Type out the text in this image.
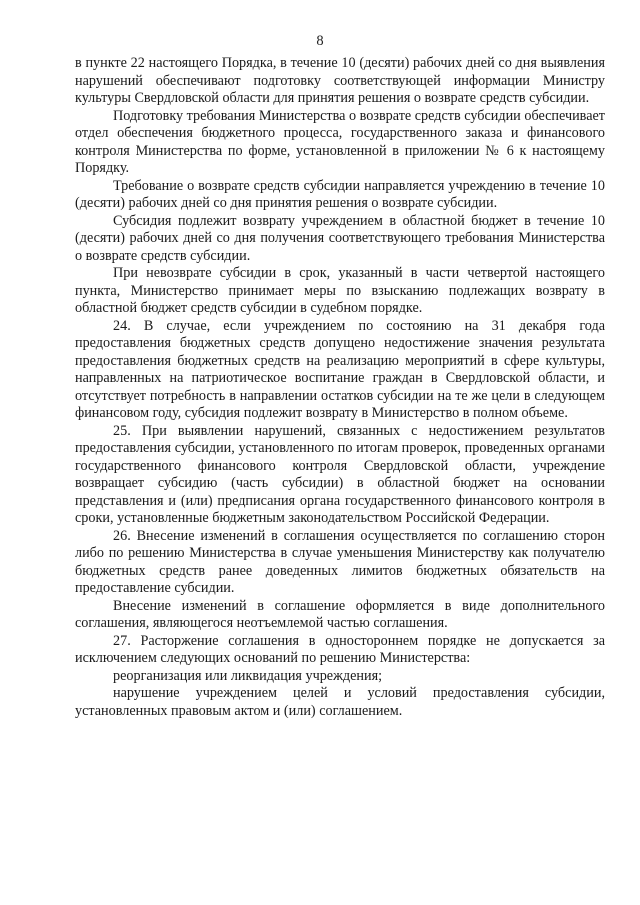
8

в пункте 22 настоящего Порядка, в течение 10 (десяти) рабочих дней со дня выявления нарушений обеспечивают подготовку соответствующей информации Министру культуры Свердловской области для принятия решения о возврате средств субсидии.

Подготовку требования Министерства о возврате средств субсидии обеспечивает отдел обеспечения бюджетного процесса, государственного заказа и финансового контроля Министерства по форме, установленной в приложении № 6 к настоящему Порядку.

Требование о возврате средств субсидии направляется учреждению в течение 10 (десяти) рабочих дней со дня принятия решения о возврате субсидии.

Субсидия подлежит возврату учреждением в областной бюджет в течение 10 (десяти) рабочих дней со дня получения соответствующего требования Министерства о возврате средств субсидии.

При невозврате субсидии в срок, указанный в части четвертой настоящего пункта, Министерство принимает меры по взысканию подлежащих возврату в областной бюджет средств субсидии в судебном порядке.

24. В случае, если учреждением по состоянию на 31 декабря года предоставления бюджетных средств допущено недостижение значения результата предоставления бюджетных средств на реализацию мероприятий в сфере культуры, направленных на патриотическое воспитание граждан в Свердловской области, и отсутствует потребность в направлении остатков субсидии на те же цели в следующем финансовом году, субсидия подлежит возврату в Министерство в полном объеме.

25. При выявлении нарушений, связанных с недостижением результатов предоставления субсидии, установленного по итогам проверок, проведенных органами государственного финансового контроля Свердловской области, учреждение возвращает субсидию (часть субсидии) в областной бюджет на основании представления и (или) предписания органа государственного финансового контроля в сроки, установленные бюджетным законодательством Российской Федерации.

26. Внесение изменений в соглашения осуществляется по соглашению сторон либо по решению Министерства в случае уменьшения Министерству как получателю бюджетных средств ранее доведенных лимитов бюджетных обязательств на предоставление субсидии.

Внесение изменений в соглашение оформляется в виде дополнительного соглашения, являющегося неотъемлемой частью соглашения.

27. Расторжение соглашения в одностороннем порядке не допускается за исключением следующих оснований по решению Министерства:

реорганизация или ликвидация учреждения;

нарушение учреждением целей и условий предоставления субсидии, установленных правовым актом и (или) соглашением.
